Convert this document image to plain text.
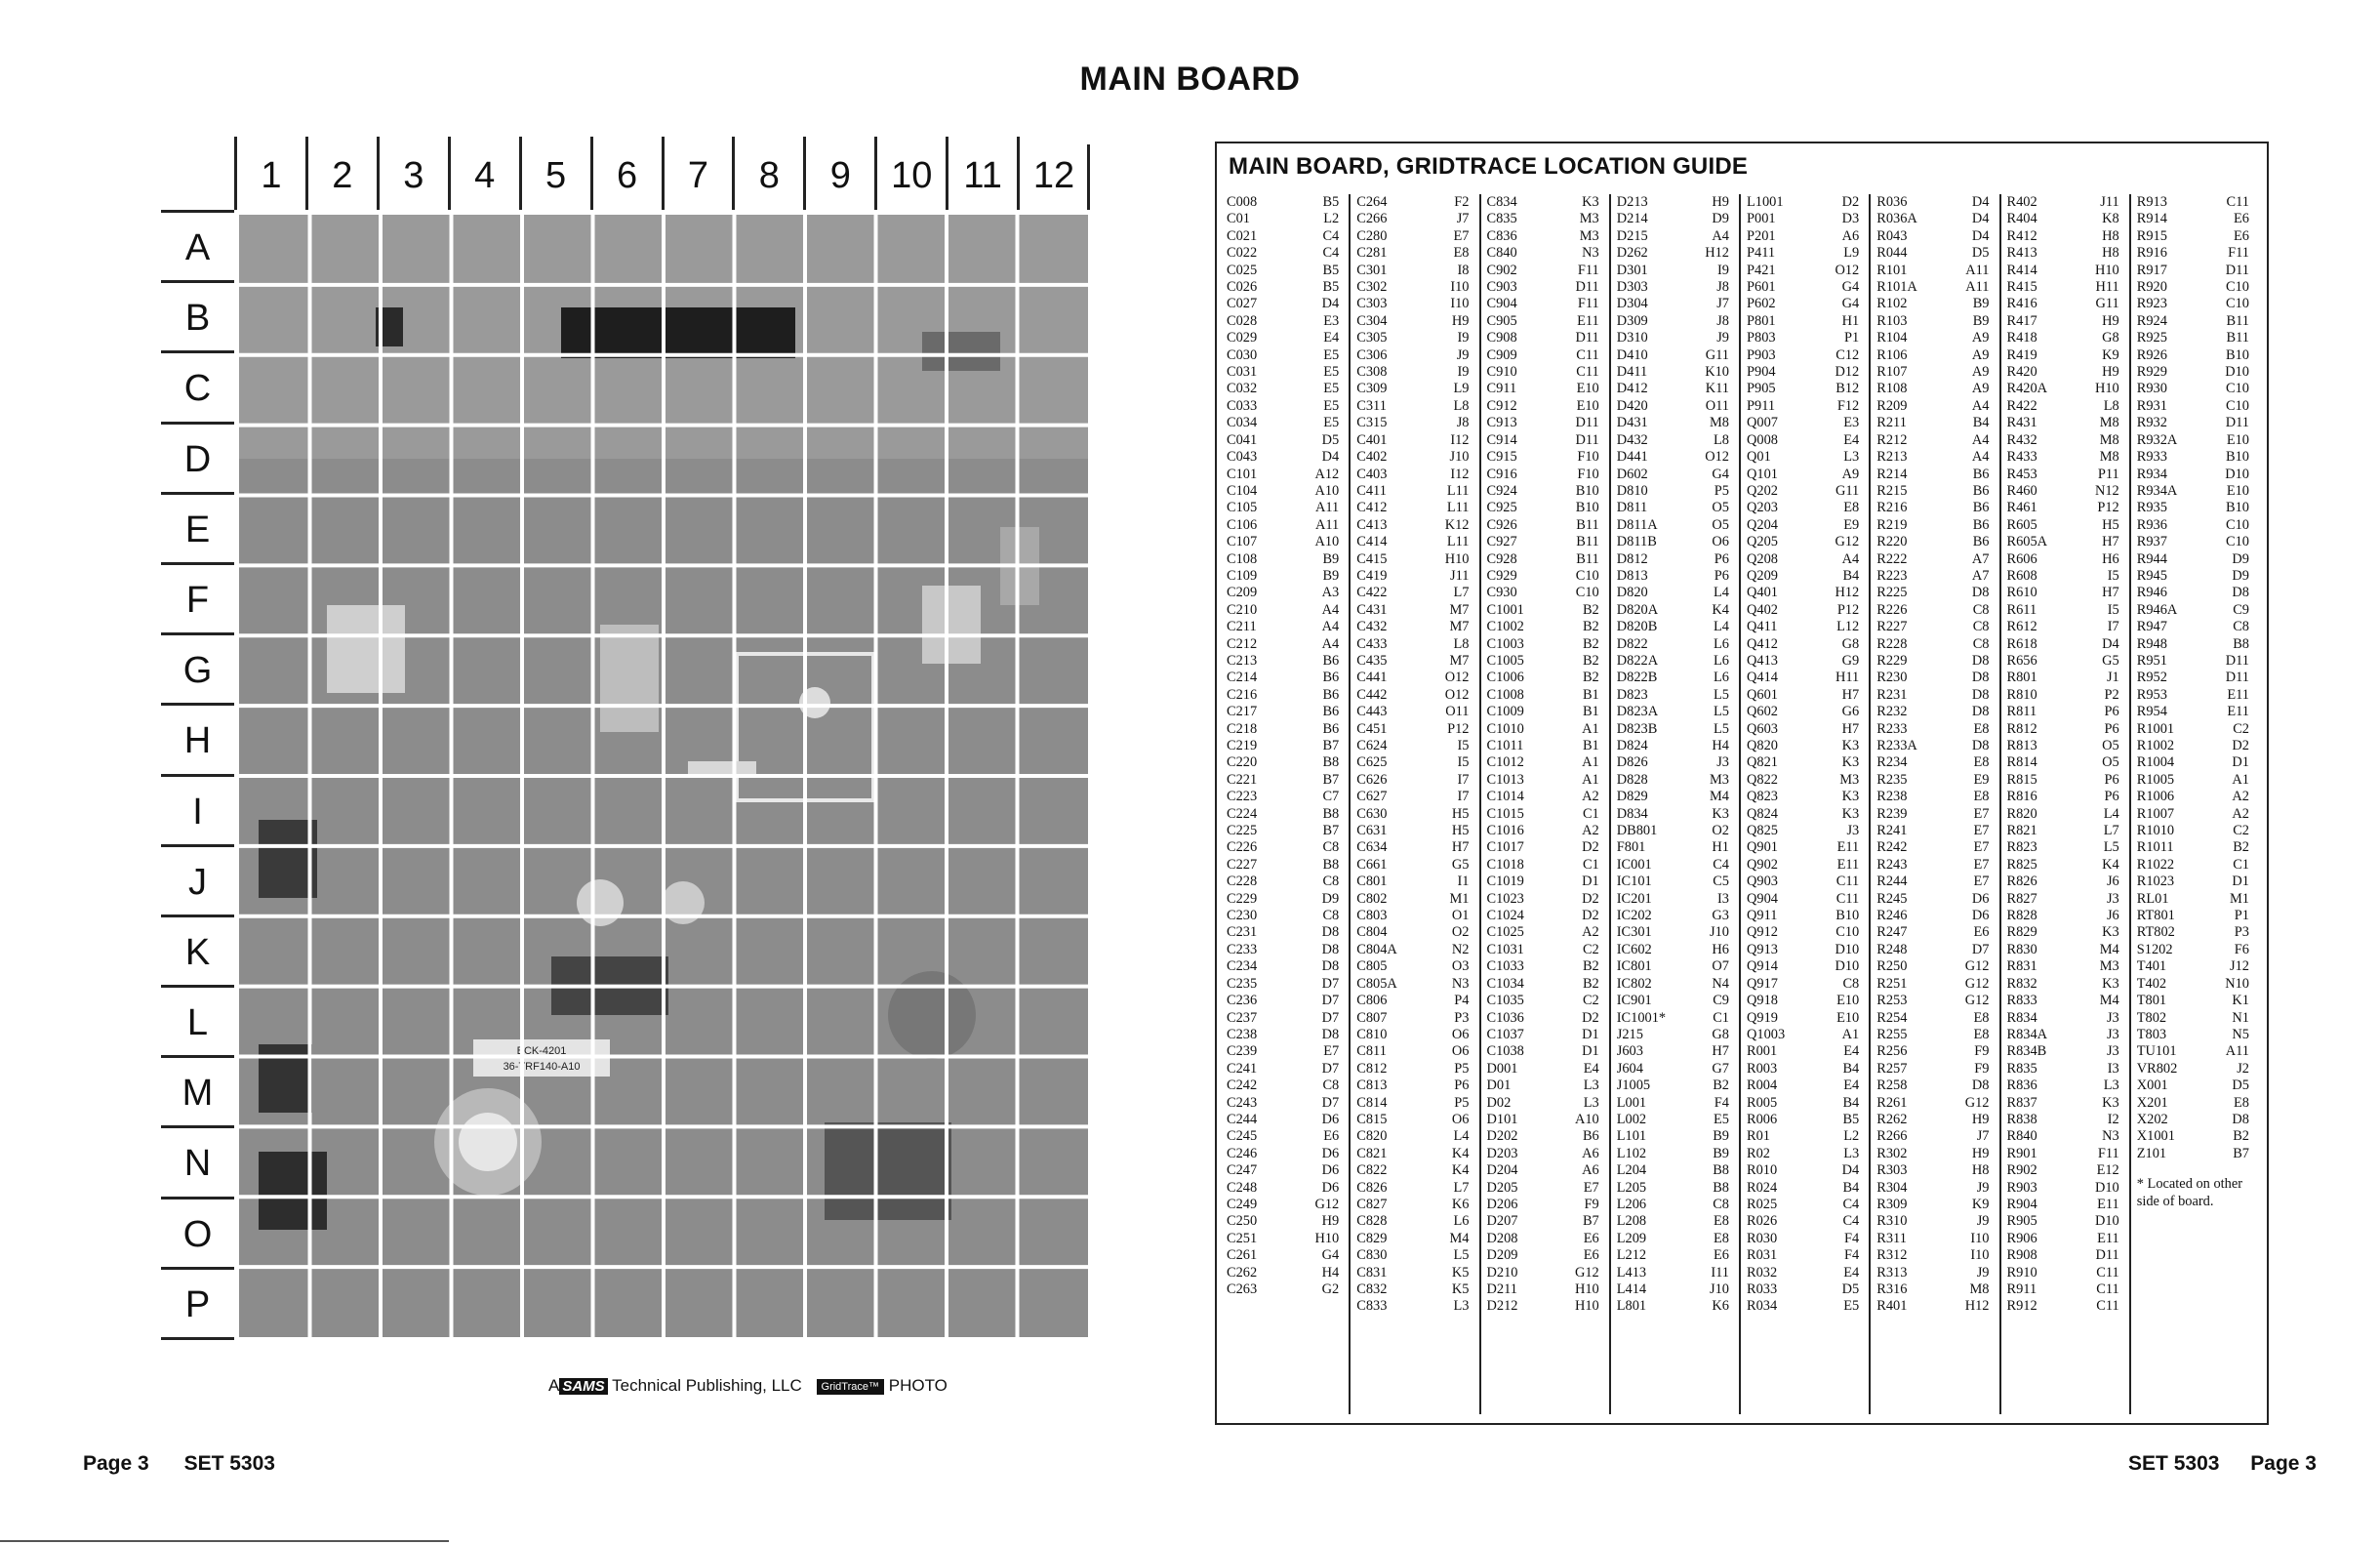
MAIN BOARD
1	2	3	4	5	6	7	8	9	10 11 12
A
B
C
D
E
F
G
H
I
J
K
L
M
N
O
P
BCK-4201
36-TRF140-A10
A SAMS Technical Publishing, LLC GridTrace™ PHOTO
MAIN BOARD, GRIDTRACE LOCATION GUIDE
C008	B5
C01	L2
C021	C4
C022	C4
C025	B5
C026	B5
C027	D4
C028	E3
C029	E4
C030	E5
C031	E5
C032	E5
C033	E5
C034	E5
C041	D5
C043	D4
C101	A12
C104	A10
C105	A11
C106	A11
C107	A10
C108	B9
C109	B9
C209	A3
C210	A4
C211	A4
C212	A4
C213	B6
C214	B6
C216	B6
C217	B6
C218	B6
C219	B7
C220	B8
C221	B7
C223	C7
C224	B8
C225	B7
C226	C8
C227	B8
C228	C8
C229	D9
C230	C8
C231	D8
C233	D8
C234	D8
C235	D7
C236	D7
C237	D7
C238	D8
C239	E7
C241	D7
C242	C8
C243	D7
C244	D6
C245	E6
C246	D6
C247	D6
C248	D6
C249	G12
C250	H9
C251	H10
C261	G4
C262	H4
C263	G2
C264	F2
C266	J7
C280	E7
C281	E8
C301	I8
C302	I10
C303	I10
C304	H9
C305	I9
C306	J9
C308	I9
C309	L9
C311	L8
C315	J8
C401	I12
C402	J10
C403	I12
C411	L11
C412	L11
C413	K12
C414	L11
C415	H10
C419	J11
C422	L7
C431	M7
C432	M7
C433	L8
C435	M7
C441	O12
C442	O12
C443	O11
C451	P12
C624	I5
C625	I5
C626	I7
C627	I7
C630	H5
C631	H5
C634	H7
C661	G5
C801	I1
C802	M1
C803	O1
C804	O2
C804A	N2
C805	O3
C805A	N3
C806	P4
C807	P3
C810	O6
C811	O6
C812	P5
C813	P6
C814	P5
C815	O6
C820	L4
C821	K4
C822	K4
C826	L7
C827	K6
C828	L6
C829	M4
C830	L5
C831	K5
C832	K5
C833	L3
C834	K3
C835	M3
C836	M3
C840	N3
C902	F11
C903	D11
C904	F11
C905	E11
C908	D11
C909	C11
C910	C11
C911	E10
C912	E10
C913	D11
C914	D11
C915	F10
C916	F10
C924	B10
C925	B10
C926	B11
C927	B11
C928	B11
C929	C10
C930	C10
C1001	B2
C1002	B2
C1003	B2
C1005	B2
C1006	B2
C1008	B1
C1009	B1
C1010	A1
C1011	B1
C1012	A1
C1013	A1
C1014	A2
C1015	C1
C1016	A2
C1017	D2
C1018	C1
C1019	D1
C1023	D2
C1024	D2
C1025	A2
C1031	C2
C1033	B2
C1034	B2
C1035	C2
C1036	D2
C1037	D1
C1038	D1
D001	E4
D01	L3
D02	L3
D101	A10
D202	B6
D203	A6
D204	A6
D205	E7
D206	F9
D207	B7
D208	E6
D209	E6
D210	G12
D211	H10
D212	H10
D213	H9
D214	D9
D215	A4
D262	H12
D301	I9
D303	J8
D304	J7
D309	J8
D310	J9
D410	G11
D411	K10
D412	K11
D420	O11
D431	M8
D432	L8
D441	O12
D602	G4
D810	P5
D811	O5
D811A	O5
D811B	O6
D812	P6
D813	P6
D820	L4
D820A	K4
D820B	L4
D822	L6
D822A	L6
D822B	L6
D823	L5
D823A	L5
D823B	L5
D824	H4
D826	J3
D828	M3
D829	M4
D834	K3
DB801	O2
F801	H1
IC001	C4
IC101	C5
IC201	I3
IC202	G3
IC301	J10
IC602	H6
IC801	O7
IC802	N4
IC901	C9
IC1001*	C1
J215	G8
J603	H7
J604	G7
J1005	B2
L001	F4
L002	E5
L101	B9
L102	B9
L204	B8
L205	B8
L206	C8
L208	E8
L209	E8
L212	E6
L413	I11
L414	J10
L801	K6
L1001	D2
P001	D3
P201	A6
P411	L9
P421	O12
P601	G4
P602	G4
P801	H1
P803	P1
P903	C12
P904	D12
P905	B12
P911	F12
Q007	E3
Q008	E4
Q01	L3
Q101	A9
Q202	G11
Q203	E8
Q204	E9
Q205	G12
Q208	A4
Q209	B4
Q401	H12
Q402	P12
Q411	L12
Q412	G8
Q413	G9
Q414	H11
Q601	H7
Q602	G6
Q603	H7
Q820	K3
Q821	K3
Q822	M3
Q823	K3
Q824	K3
Q825	J3
Q901	E11
Q902	E11
Q903	C11
Q904	C11
Q911	B10
Q912	C10
Q913	D10
Q914	D10
Q917	C8
Q918	E10
Q919	E10
Q1003	A1
R001	E4
R003	B4
R004	E4
R005	B4
R006	B5
R01	L2
R02	L3
R010	D4
R024	B4
R025	C4
R026	C4
R030	F4
R031	F4
R032	E4
R033	D5
R034	E5
R036	D4
R036A	D4
R043	D4
R044	D5
R101	A11
R101A	A11
R102	B9
R103	B9
R104	A9
R106	A9
R107	A9
R108	A9
R209	A4
R211	B4
R212	A4
R213	A4
R214	B6
R215	B6
R216	B6
R219	B6
R220	B6
R222	A7
R223	A7
R225	D8
R226	C8
R227	C8
R228	C8
R229	D8
R230	D8
R231	D8
R232	D8
R233	E8
R233A	D8
R234	E8
R235	E9
R238	E8
R239	E7
R241	E7
R242	E7
R243	E7
R244	E7
R245	D6
R246	D6
R247	E6
R248	D7
R250	G12
R251	G12
R253	G12
R254	E8
R255	E8
R256	F9
R257	F9
R258	D8
R261	G12
R262	H9
R266	J7
R302	H9
R303	H8
R304	J9
R309	K9
R310	J9
R311	I10
R312	I10
R313	J9
R316	M8
R401	H12
R402	J11
R404	K8
R412	H8
R413	H8
R414	H10
R415	H11
R416	G11
R417	H9
R418	G8
R419	K9
R420	H9
R420A	H10
R422	L8
R431	M8
R432	M8
R433	M8
R453	P11
R460	N12
R461	P12
R605	H5
R605A	H7
R606	H6
R608	I5
R610	H7
R611	I5
R612	I7
R618	D4
R656	G5
R801	J1
R810	P2
R811	P6
R812	P6
R813	O5
R814	O5
R815	P6
R816	P6
R820	L4
R821	L7
R823	L5
R825	K4
R826	J6
R827	J3
R828	J6
R829	K3
R830	M4
R831	M3
R832	K3
R833	M4
R834	J3
R834A	J3
R834B	J3
R835	I3
R836	L3
R837	K3
R838	I2
R840	N3
R901	F11
R902	E12
R903	D10
R904	E11
R905	D10
R906	E11
R908	D11
R910	C11
R911	C11
R912	C11
R913	C11
R914	E6
R915	E6
R916	F11
R917	D11
R920	C10
R923	C10
R924	B11
R925	B11
R926	B10
R929	D10
R930	C10
R931	C10
R932	D11
R932A	E10
R933	B10
R934	D10
R934A	E10
R935	B10
R936	C10
R937	C10
R944	D9
R945	D9
R946	D8
R946A	C9
R947	C8
R948	B8
R951	D11
R952	D11
R953	E11
R954	E11
R1001	C2
R1002	D2
R1004	D1
R1005	A1
R1006	A2
R1007	A2
R1010	C2
R1011	B2
R1022	C1
R1023	D1
RL01	M1
RT801	P1
RT802	P3
S1202	F6
T401	J12
T402	N10
T801	K1
T802	N1
T803	N5
TU101	A11
VR802	J2
X001	D5
X201	E8
X202	D8
X1001	B2
Z101	B7
* Located on other side of board.
Page 3 SET 5303	SET 5303 Page 3
